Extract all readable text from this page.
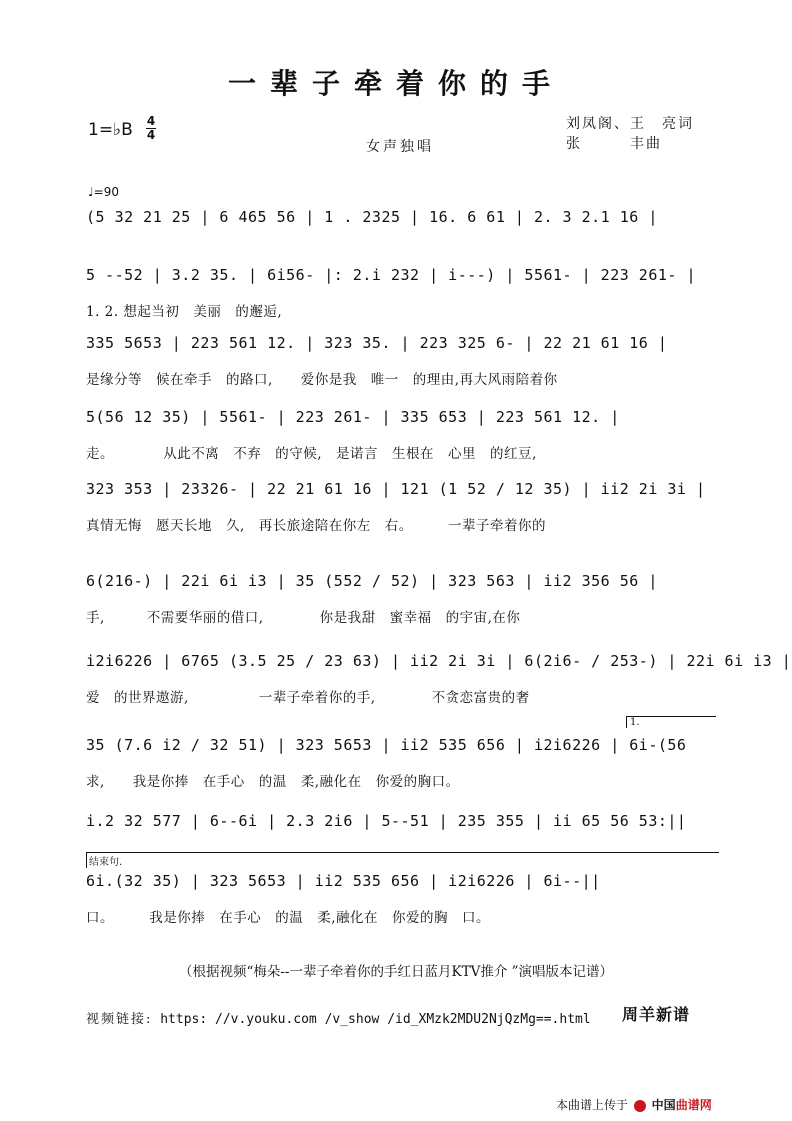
一辈子牵着你的手
1=♭B 4
4
女声独唱
刘凤阁、王　亮词
张　　　丰曲
♩=90
(5 32 21 25 | 6 465 56 | 1 . 2325 | 16. 6 61 | 2. 3 2.1 16 |
5 --52 | 3.2 35. | 6i56- |: 2.i 232 | i---) | 5561- | 223 261- |
1. 2. 想起当初　美丽　的邂逅,
335 5653 | 223 561 12. | 323 35. | 223 325 6- | 22 21 61 16 |
是缘分等　候在牵手　的路口,　　爱你是我　唯一　的理由,再大风雨陪着你
5(56 12 35) | 5561- | 223 261- | 335 653 | 223 561 12. |
走。　　　　从此不离　不弃　的守候,　是诺言　生根在　心里　的红豆,
323 353 | 23326- | 22 21 61 16 | 121 (1 52 / 12 35) | ii2 2i 3i |
真情无悔　愿天长地　久,　再长旅途陪在你左　右。　　　一辈子牵着你的
6(216-) | 22i 6i i3 | 35 (552 / 52) | 323 563 | ii2 356 56 |
手,　　　不需要华丽的借口,　　　　你是我甜　蜜幸福　的宇宙,在你
i2i6226 | 6765 (3.5 25 / 23 63) | ii2 2i 3i | 6(2i6- / 253-) | 22i 6i i3 |
爱　的世界遨游,　　　　　一辈子牵着你的手,　　　　不贪恋富贵的奢
35 (7.6 i2 / 32 51) | 323 5653 | ii2 535 656 | i2i6226 | 6i-(56
求,　　我是你捧　在手心　的温　柔,融化在　你爱的胸口。
i.2 32 577 | 6--6i | 2.3 2i6 | 5--51 | 235 355 | ii 65 56 53:||
6i.(32 35) | 323 5653 | ii2 535 656 | i2i6226 | 6i--||
口。　　　我是你捧　在手心　的温　柔,融化在　你爱的胸　口。
1.
结束句.
（根据视频“梅朵--一辈子牵着你的手红日蓝月KTV推介 ”演唱版本记谱）
视频链接: https: //v.youku.com /v_show /id_XMzk2MDU2NjQzMg==.html 周羊新谱
本曲谱上传于 中国曲谱网
